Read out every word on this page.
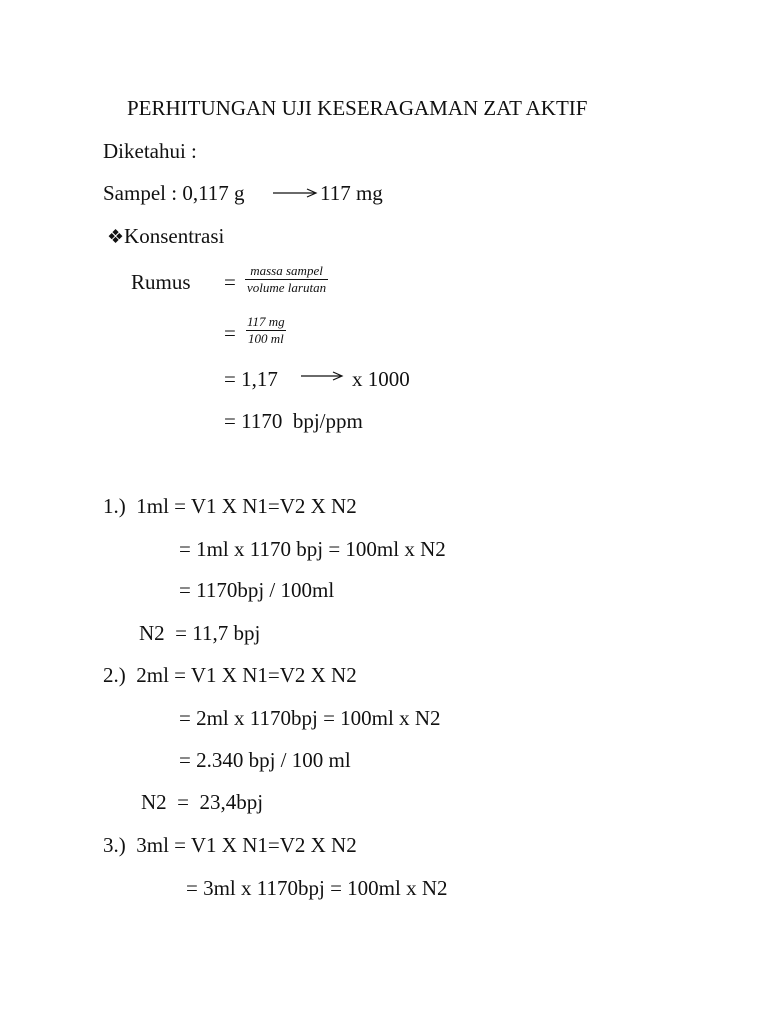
PERHITUNGAN UJI KESERAGAMAN ZAT AKTIF
Diketahui :
Sampel : 0,117 g	117 mg
❖Konsentrasi
Rumus = massa sampel
volume larutan
= $\frac{117 mg}{100 ml}$
= 1,17	x 1000
= 1170  bpj/ppm
1.)  1ml = V1 X N1=V2 X N2
= 1ml x 1170 bpj = 100ml x N2
= 1170bpj / 100ml
N2  = 11,7 bpj
2.)  2ml = V1 X N1=V2 X N2
= 2ml x 1170bpj = 100ml x N2
= 2.340 bpj / 100 ml
N2  =  23,4bpj
3.)  3ml = V1 X N1=V2 X N2
= 3ml x 1170bpj = 100ml x N2
